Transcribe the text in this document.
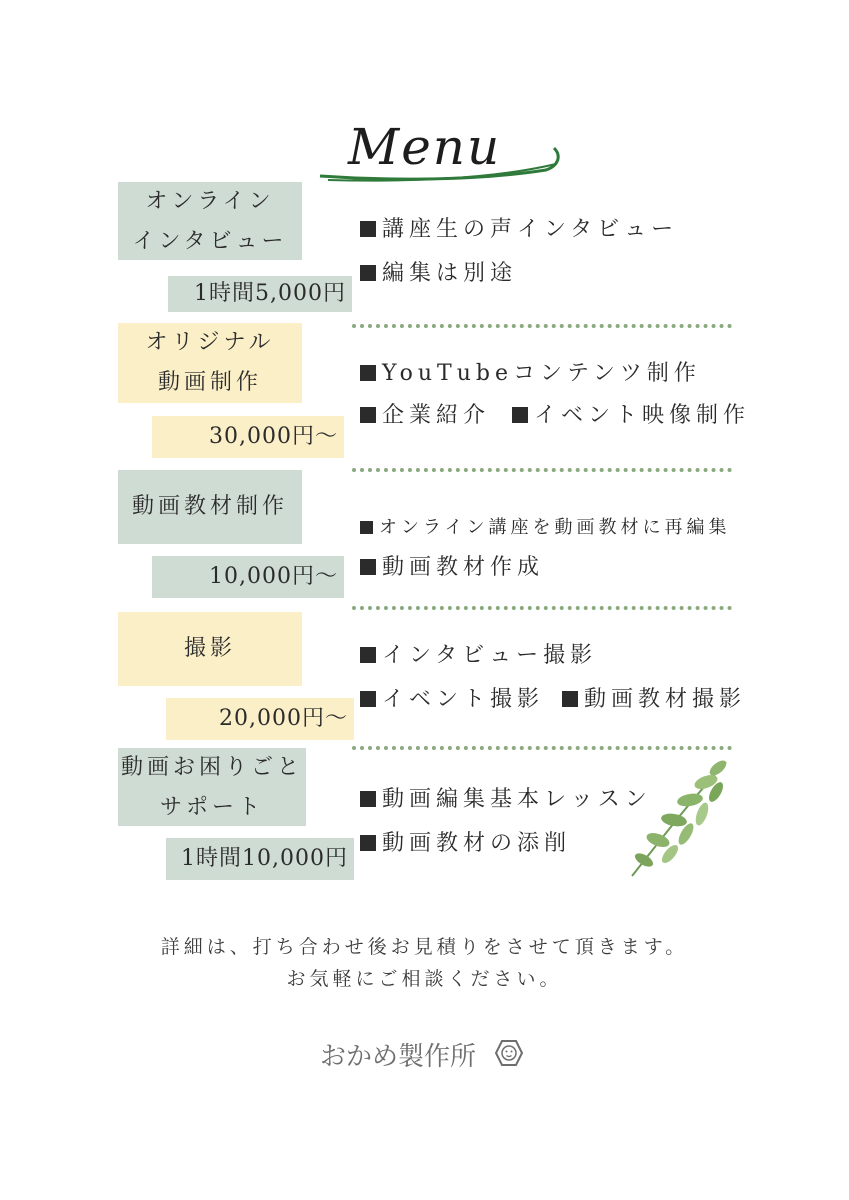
Menu
オンライン
インタビュー
1時間5,000円
講座生の声インタビュー
編集は別途
オリジナル
動画制作
30,000円〜
YouTubeコンテンツ制作
企業紹介 イベント映像制作
動画教材制作
10,000円〜
オンライン講座を動画教材に再編集
動画教材作成
撮影
20,000円〜
インタビュー撮影
イベント撮影 動画教材撮影
動画お困りごと
サポート
1時間10,000円
動画編集基本レッスン
動画教材の添削
詳細は、打ち合わせ後お見積りをさせて頂きます。
お気軽にご相談ください。
おかめ製作所
